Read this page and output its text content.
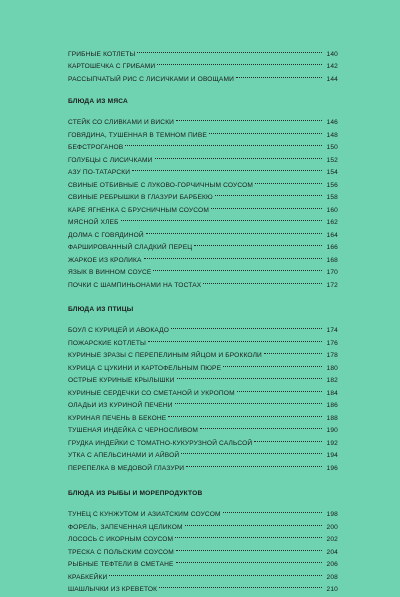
ГРИБНЫЕ КОТЛЕТЫ	140
КАРТОШЕЧКА С ГРИБАМИ	142
РАССЫПЧАТЫЙ РИС С ЛИСИЧКАМИ И ОВОЩАМИ	144
БЛЮДА ИЗ МЯСА
СТЕЙК СО СЛИВКАМИ И ВИСКИ	146
ГОВЯДИНА, ТУШЕННАЯ В ТЕМНОМ ПИВЕ	148
БЕФСТРОГАНОВ	150
ГОЛУБЦЫ С ЛИСИЧКАМИ	152
АЗУ ПО-ТАТАРСКИ	154
СВИНЫЕ ОТБИВНЫЕ С ЛУКОВО-ГОРЧИЧНЫМ СОУСОМ	156
СВИНЫЕ РЕБРЫШКИ В ГЛАЗУРИ БАРБЕКЮ	158
КАРЕ ЯГНЕНКА С БРУСНИЧНЫМ СОУСОМ	160
МЯСНОЙ ХЛЕБ	162
ДОЛМА С ГОВЯДИНОЙ	164
ФАРШИРОВАННЫЙ СЛАДКИЙ ПЕРЕЦ	166
ЖАРКОЕ ИЗ КРОЛИКА	168
ЯЗЫК В ВИННОМ СОУСЕ	170
ПОЧКИ С ШАМПИНЬОНАМИ НА ТОСТАХ	172
БЛЮДА ИЗ ПТИЦЫ
БОУЛ С КУРИЦЕЙ И АВОКАДО	174
ПОЖАРСКИЕ КОТЛЕТЫ	176
КУРИНЫЕ ЗРАЗЫ С ПЕРЕПЕЛИНЫМ ЯЙЦОМ И БРОККОЛИ	178
КУРИЦА С ЦУКИНИ И КАРТОФЕЛЬНЫМ ПЮРЕ	180
ОСТРЫЕ КУРИНЫЕ КРЫЛЫШКИ	182
КУРИНЫЕ СЕРДЕЧКИ СО СМЕТАНОЙ И УКРОПОМ	184
ОЛАДЬИ ИЗ КУРИНОЙ ПЕЧЕНИ	186
КУРИНАЯ ПЕЧЕНЬ В БЕКОНЕ	188
ТУШЕНАЯ ИНДЕЙКА С ЧЕРНОСЛИВОМ	190
ГРУДКА ИНДЕЙКИ С ТОМАТНО-КУКУРУЗНОЙ САЛЬСОЙ	192
УТКА С АПЕЛЬСИНАМИ И АЙВОЙ	194
ПЕРЕПЕЛКА В МЕДОВОЙ ГЛАЗУРИ	196
БЛЮДА ИЗ РЫБЫ И МОРЕПРОДУКТОВ
ТУНЕЦ С КУНЖУТОМ И АЗИАТСКИМ СОУСОМ	198
ФОРЕЛЬ, ЗАПЕЧЕННАЯ ЦЕЛИКОМ	200
ЛОСОСЬ С ИКОРНЫМ СОУСОМ	202
ТРЕСКА С ПОЛЬСКИМ СОУСОМ	204
РЫБНЫЕ ТЕФТЕЛИ В СМЕТАНЕ	206
КРАБКЕЙКИ	208
ШАШЛЫЧКИ ИЗ КРЕВЕТОК	210
